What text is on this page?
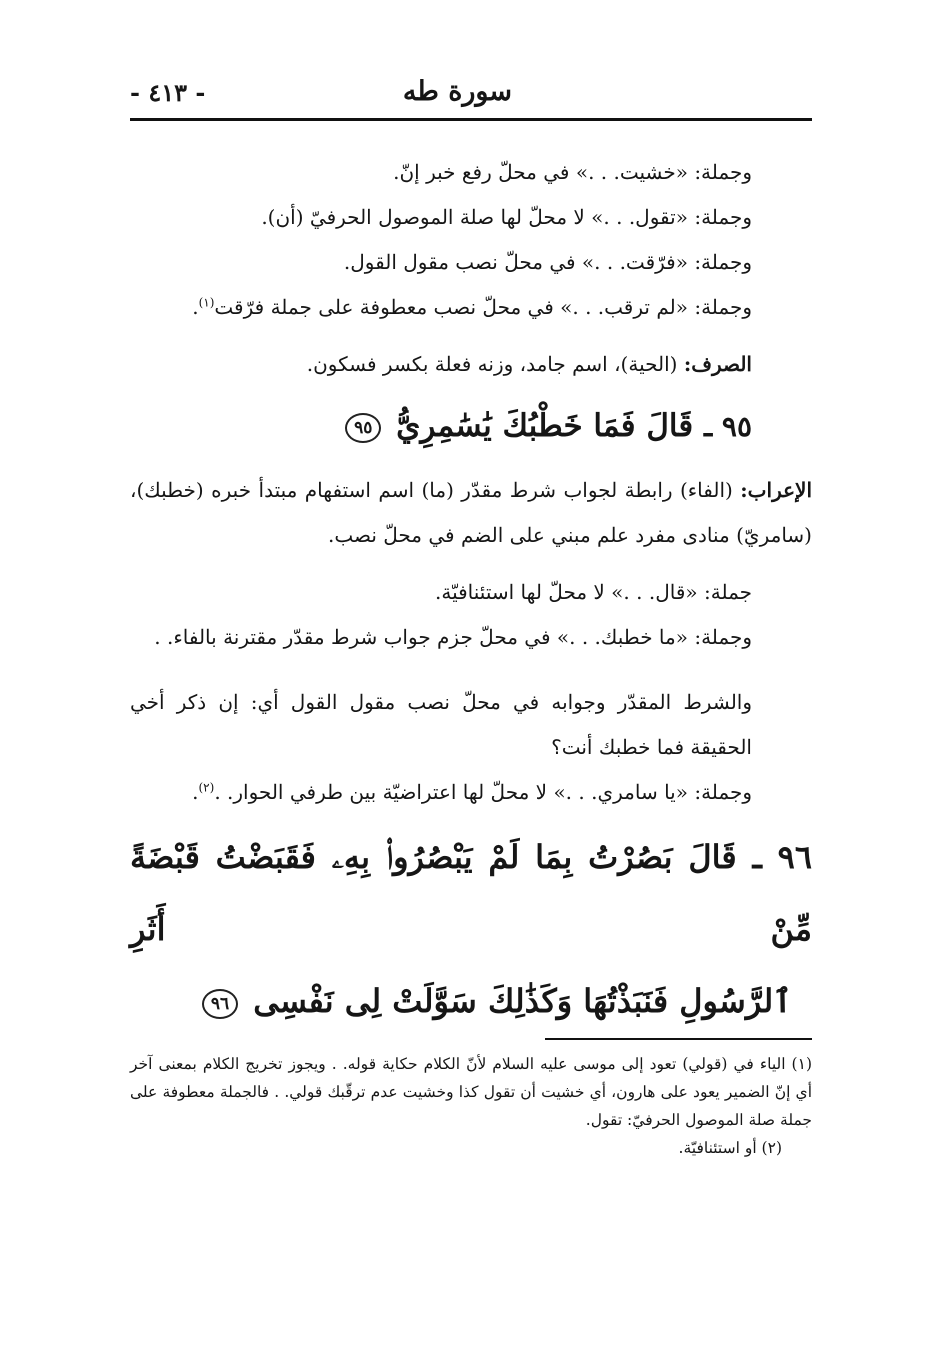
سورة طه
- ٤١٣ -

وجملة: «خشيت. . .» في محلّ رفع خبر إنّ.

وجملة: «تقول. . .» لا محلّ لها صلة الموصول الحرفيّ (أن).

وجملة: «فرّقت. . .» في محلّ نصب مقول القول.

وجملة: «لم ترقب. . .» في محلّ نصب معطوفة على جملة فرّقت$^{(١)}$.

الصرف: (الحية)، اسم جامد، وزنه فعلة بكسر فسكون.

٩٥ ـ قَالَ فَمَا خَطْبُكَ يَٰسَٰمِرِيُّ ٩٥

الإعراب: (الفاء) رابطة لجواب شرط مقدّر (ما) اسم استفهام مبتدأ خبره (خطبك)، (سامريّ) منادى مفرد علم مبني على الضم في محلّ نصب.

جملة: «قال. . .» لا محلّ لها استئنافيّة.

وجملة: «ما خطبك. . .» في محلّ جزم جواب شرط مقدّر مقترنة بالفاء. .

والشرط المقدّر وجوابه في محلّ نصب مقول القول أي: إن ذكر أخي الحقيقة فما خطبك أنت؟

وجملة: «يا سامري. . .» لا محلّ لها اعتراضيّة بين طرفي الحوار. .$^{(٢)}$.

٩٦ ـ قَالَ بَصُرْتُ بِمَا لَمْ يَبْصُرُوا۟ بِهِۦ فَقَبَضْتُ قَبْضَةً مِّنْ أَثَرِ
ٱلرَّسُولِ فَنَبَذْتُهَا وَكَذَٰلِكَ سَوَّلَتْ لِى نَفْسِى ٩٦

(١) الياء في (قولي) تعود إلى موسى عليه السلام لأنّ الكلام حكاية قوله. . ويجوز تخريج الكلام بمعنى آخر أي إنّ الضمير يعود على هارون، أي خشيت أن تقول كذا وخشيت عدم ترقّبك قولي. . فالجملة معطوفة على جملة صلة الموصول الحرفيّ: تقول.

(٢) أو استئنافيّة.
